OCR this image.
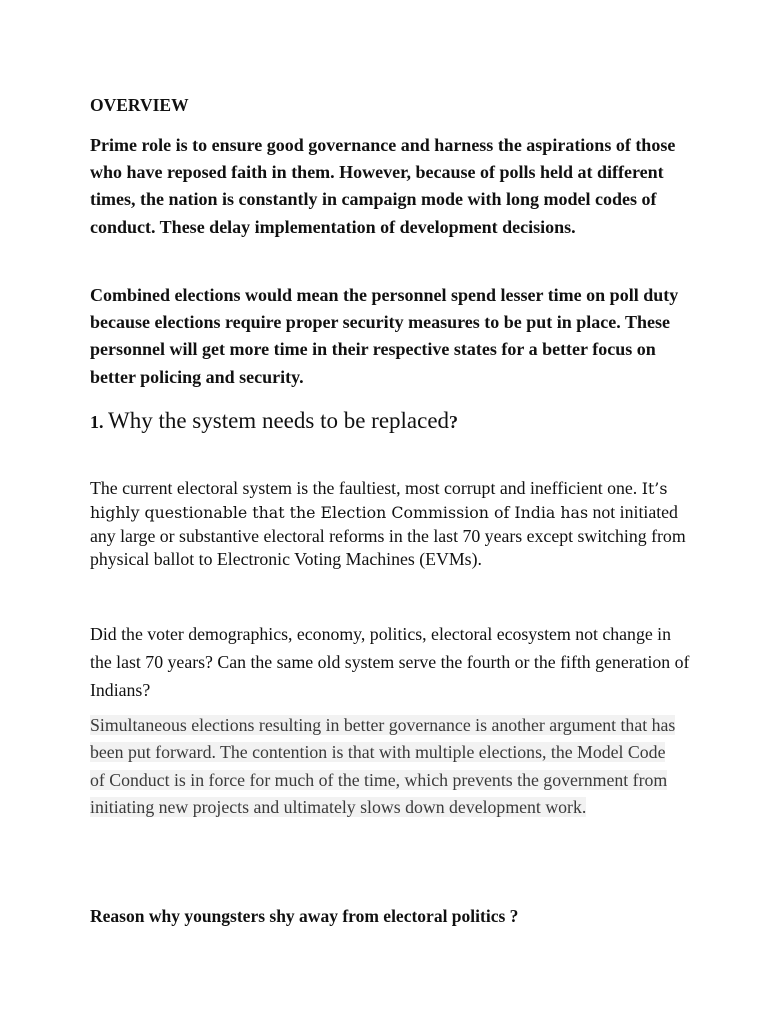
OVERVIEW

Prime role is to ensure good governance and harness the aspirations of those who have reposed faith in them. However, because of polls held at different times, the nation is constantly in campaign mode with long model codes of conduct. These delay implementation of development decisions.

Combined elections would mean the personnel spend lesser time on poll duty because elections require proper security measures to be put in place. These personnel will get more time in their respective states for a better focus on better policing and security.

1. Why the system needs to be replaced?

The current electoral system is the faultiest, most corrupt and inefficient one. It’s highly questionable that the Election Commission of India has not initiated any large or substantive electoral reforms in the last 70 years except switching from physical ballot to Electronic Voting Machines (EVMs).

Did the voter demographics, economy, politics, electoral ecosystem not change in the last 70 years? Can the same old system serve the fourth or the fifth generation of Indians?

Simultaneous elections resulting in better governance is another argument that has been put forward. The contention is that with multiple elections, the Model Code of Conduct is in force for much of the time, which prevents the government from initiating new projects and ultimately slows down development work.

Reason why youngsters shy away from electoral politics ?
